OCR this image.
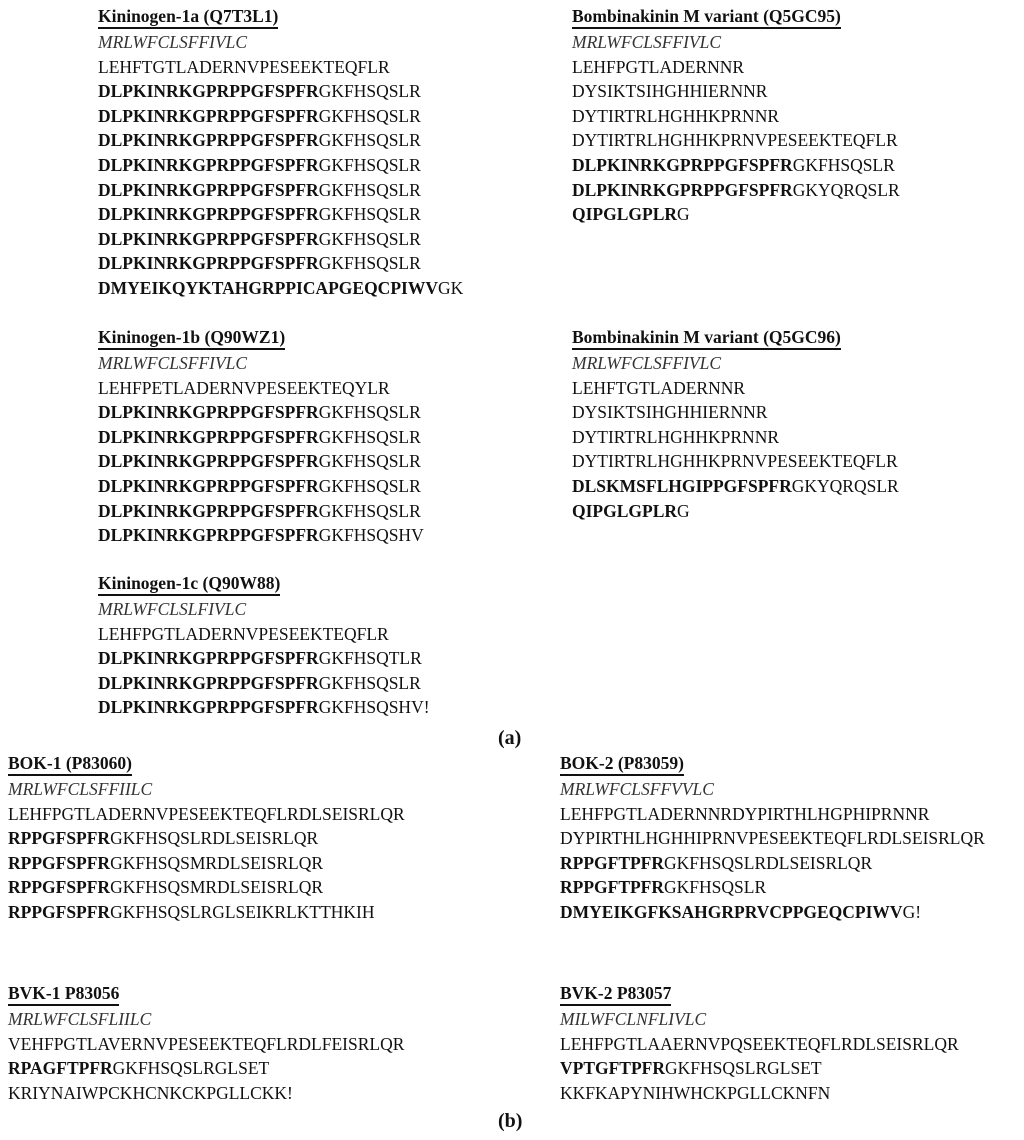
Kininogen-1a (Q7T3L1)
MRLWFCLSFFIVLC
LEHFTGTLADERNVPESEEKTEQFLR
DLPKINRKGPRPPGFSPFRGKFHSQSLR
DLPKINRKGPRPPGFSPFRGKFHSQSLR
DLPKINRKGPRPPGFSPFRGKFHSQSLR
DLPKINRKGPRPPGFSPFRGKFHSQSLR
DLPKINRKGPRPPGFSPFRGKFHSQSLR
DLPKINRKGPRPPGFSPFRGKFHSQSLR
DLPKINRKGPRPPGFSPFRGKFHSQSLR
DLPKINRKGPRPPGFSPFRGKFHSQSLR
DMYEIKQYKTAHGRPPICAPGEQCPIWVGK
Bombinakinin M variant (Q5GC95)
MRLWFCLSFFIVLC
LEHFPGTLADERNNR
DYSIKTSIHGHHIERNNR
DYTIRTRLHGHHKPRNNR
DYTIRTRLHGHHKPRNVPESEEKTEQFLR
DLPKINRKGPRPPGFSPFRGKFHSQSLR
DLPKINRKGPRPPGFSPFRGKYQRQSLR
QIPGLGPLRG
Kininogen-1b (Q90WZ1)
MRLWFCLSFFIVLC
LEHFPETLADERNVPESEEKTEQYLR
DLPKINRKGPRPPGFSPFRGKFHSQSLR
DLPKINRKGPRPPGFSPFRGKFHSQSLR
DLPKINRKGPRPPGFSPFRGKFHSQSLR
DLPKINRKGPRPPGFSPFRGKFHSQSLR
DLPKINRKGPRPPGFSPFRGKFHSQSLR
DLPKINRKGPRPPGFSPFRGKFHSQSHV
Bombinakinin M variant (Q5GC96)
MRLWFCLSFFIVLC
LEHFTGTLADERNNR
DYSIKTSIHGHHIERNNR
DYTIRTRLHGHHKPRNNR
DYTIRTRLHGHHKPRNVPESEEKTEQFLR
DLSKMSFLHGIPPGFSPFRGKYQRQSLR
QIPGLGPLRG
Kininogen-1c (Q90W88)
MRLWFCLSLFIVLC
LEHFPGTLADERNVPESEEKTEQFLR
DLPKINRKGPRPPGFSPFRGKFHSQTLR
DLPKINRKGPRPPGFSPFRGKFHSQSLR
DLPKINRKGPRPPGFSPFRGKFHSQSHV!
(a)
BOK-1 (P83060)
MRLWFCLSFFIILC
LEHFPGTLADERNVPESEEKTEQFLRDLSEISRLQR
RPPGFSPFRGKFHSQSLRDLSEISRLQR
RPPGFSPFRGKFHSQSMRDLSEISRLQR
RPPGFSPFRGKFHSQSMRDLSEISRLQR
RPPGFSPFRGKFHSQSLRGLSEIKRLKTTHKIH
BOK-2 (P83059)
MRLWFCLSFFVVLC
LEHFPGTLADERNNRDYPIRTHLHGPHIPRNNR
DYPIRTHLHGHHIPRNVPESEEKTEQFLRDLSEISRLQR
RPPGFTPFRGKFHSQSLRDLSEISRLQR
RPPGFTPFRGKFHSQSLR
DMYEIKGFKSAHGRPRVCPPGEQCPIWVG!
BVK-1 P83056
MRLWFCLSFLIILC
VEHFPGTLAVERNVPESEEKTEQFLRDLFEISRLQR
RPAGFTPFRGKFHSQSLRGLSET
KRIYNAIWPCKHCNKCKPGLLCKK!
BVK-2 P83057
MILWFCLNFLIVLC
LEHFPGTLAAERNVPQSEEKTEQFLRDLSEISRLQR
VPTGFTPFRGKFHSQSLRGLSET
KKFKAPYNIHWHCKPGLLCKNFN
(b)
